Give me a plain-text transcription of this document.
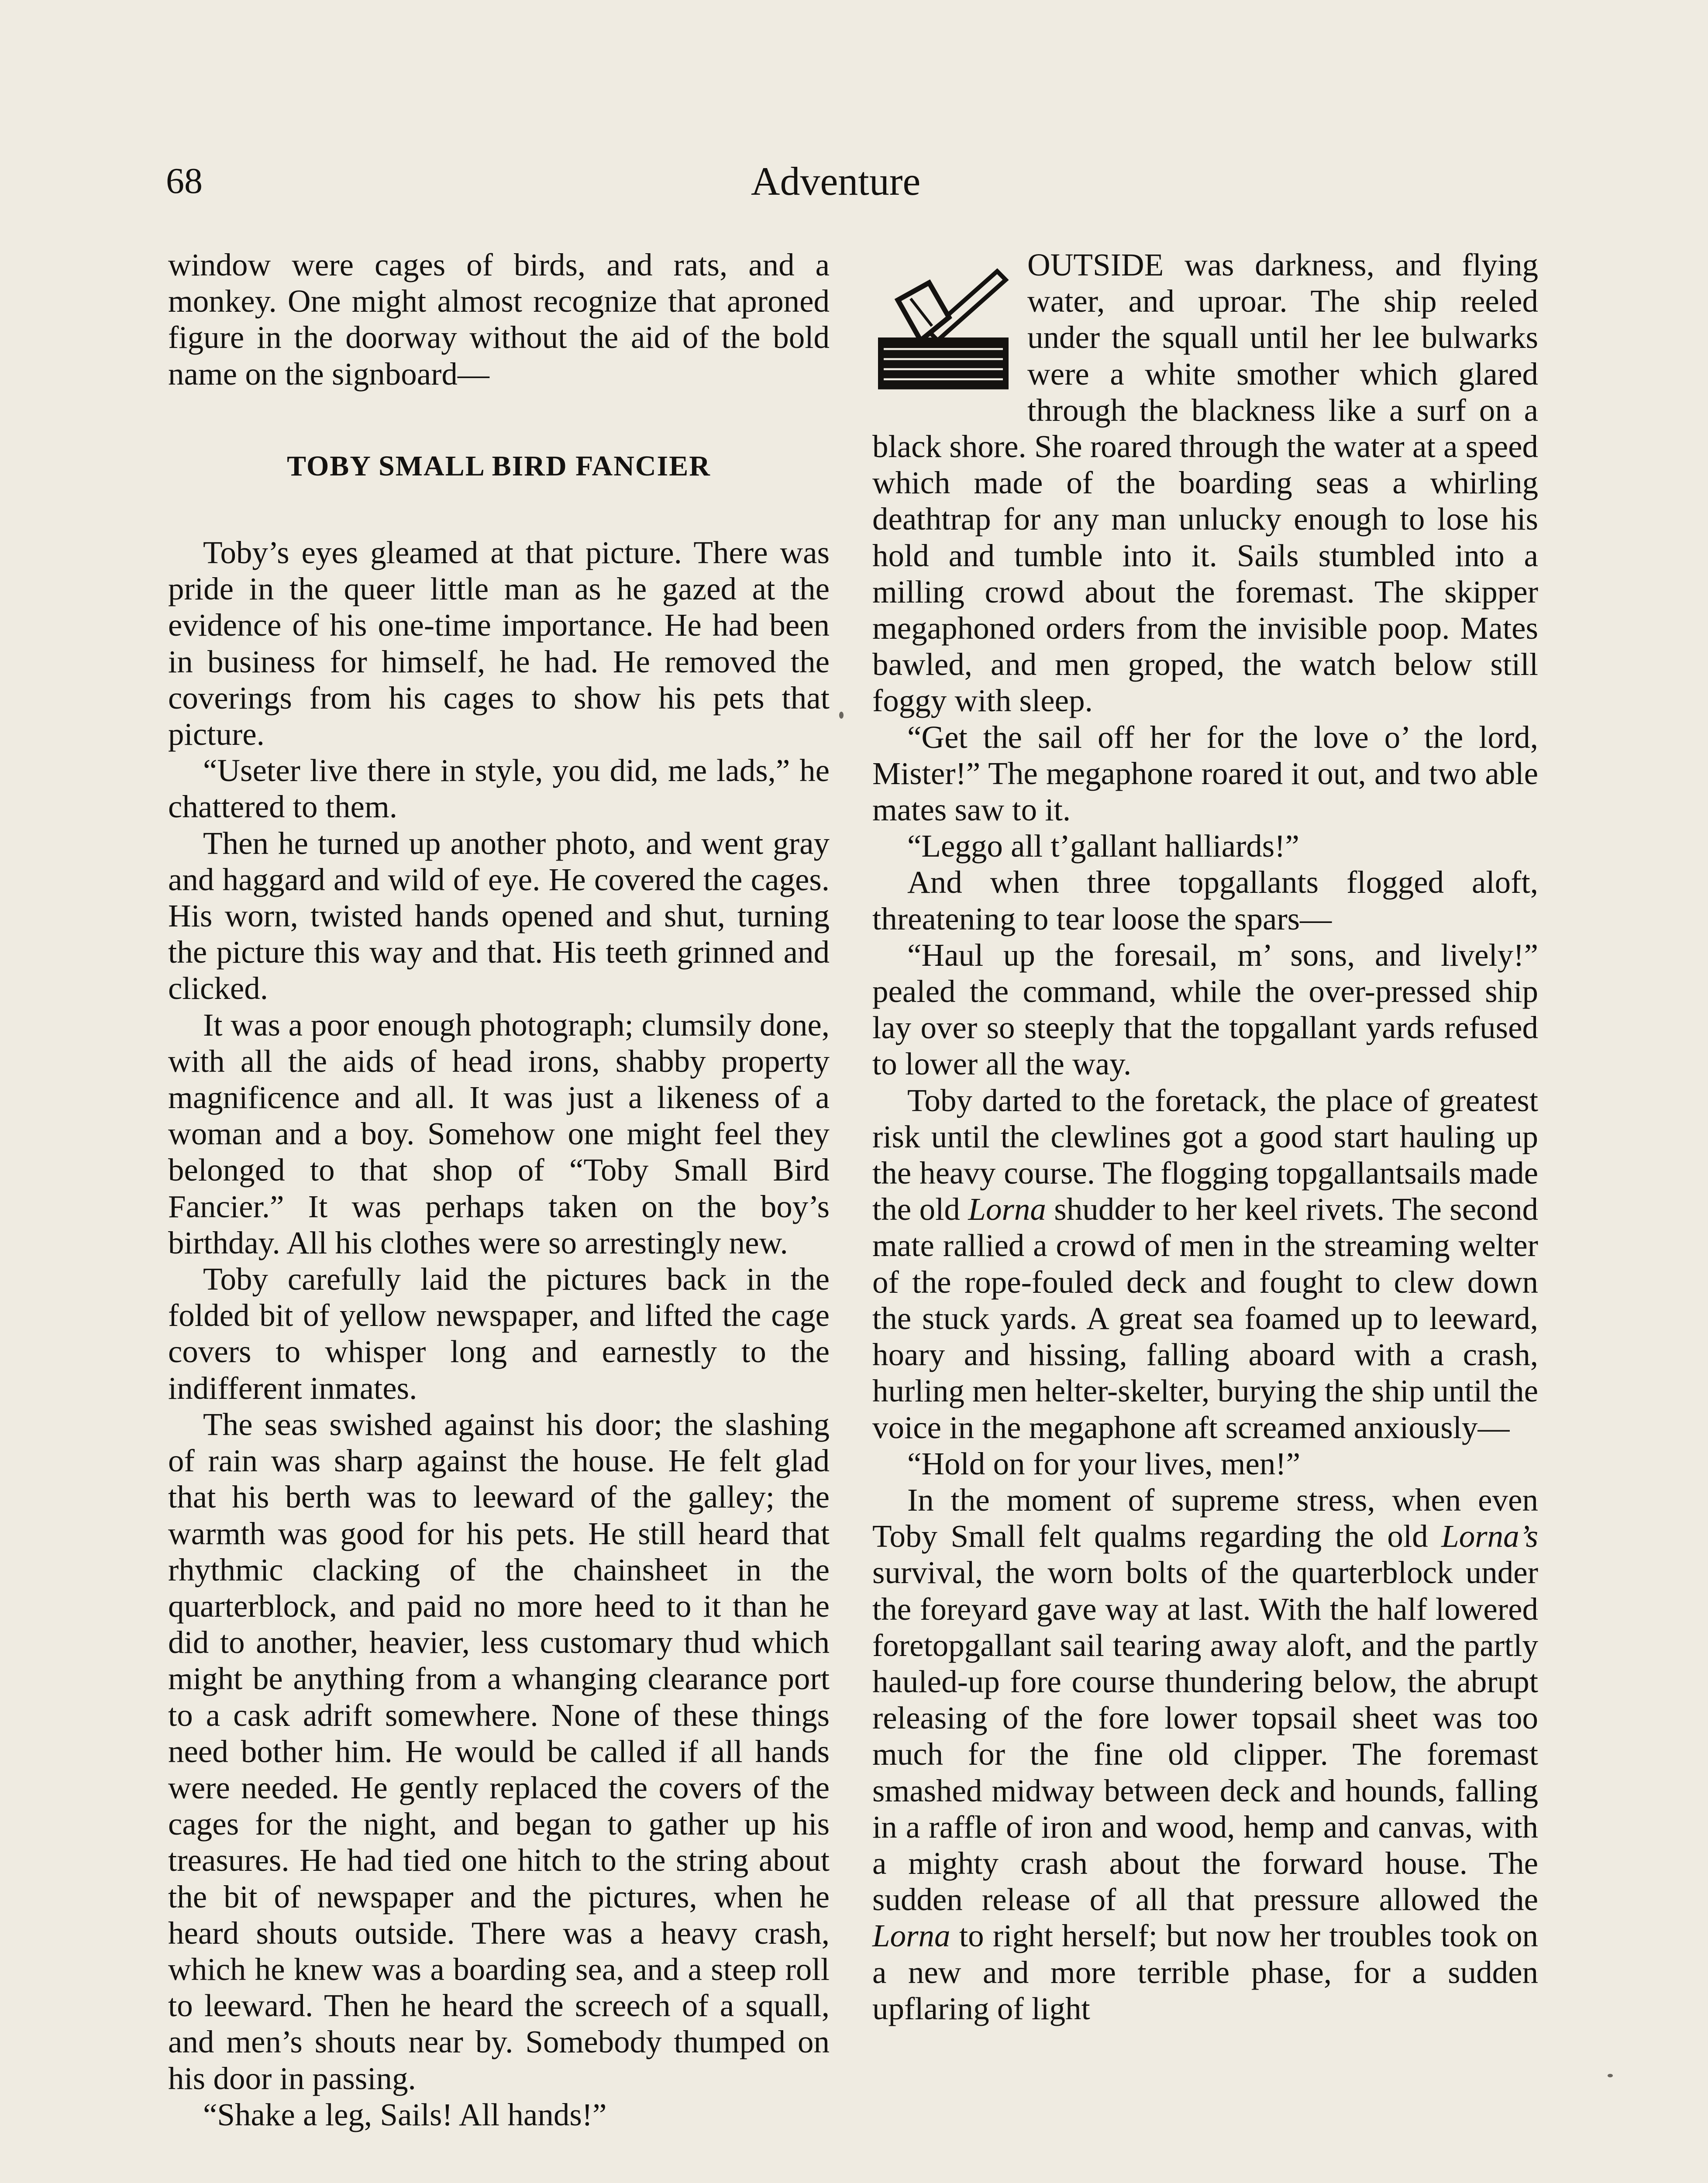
68	Adventure

window were cages of birds, and rats, and a monkey. One might almost recognize that aproned figure in the doorway without the aid of the bold name on the signboard—

TOBY SMALL BIRD FANCIER

Toby’s eyes gleamed at that picture. There was pride in the queer little man as he gazed at the evidence of his one-time importance. He had been in business for himself, he had. He removed the coverings from his cages to show his pets that picture.

“Useter live there in style, you did, me lads,” he chattered to them.

Then he turned up another photo, and went gray and haggard and wild of eye. He covered the cages. His worn, twisted hands opened and shut, turning the picture this way and that. His teeth grinned and clicked.

It was a poor enough photograph; clumsily done, with all the aids of head irons, shabby property magnificence and all. It was just a likeness of a woman and a boy. Somehow one might feel they belonged to that shop of “Toby Small Bird Fancier.” It was perhaps taken on the boy’s birthday. All his clothes were so arrestingly new.

Toby carefully laid the pictures back in the folded bit of yellow newspaper, and lifted the cage covers to whisper long and earnestly to the indifferent inmates.

The seas swished against his door; the slashing of rain was sharp against the house. He felt glad that his berth was to leeward of the galley; the warmth was good for his pets. He still heard that rhythmic clacking of the chainsheet in the quarterblock, and paid no more heed to it than he did to another, heavier, less customary thud which might be anything from a whanging clearance port to a cask adrift somewhere. None of these things need bother him. He would be called if all hands were needed. He gently replaced the covers of the cages for the night, and began to gather up his treasures. He had tied one hitch to the string about the bit of newspaper and the pictures, when he heard shouts outside. There was a heavy crash, which he knew was a boarding sea, and a steep roll to leeward. Then he heard the screech of a squall, and men’s shouts near by. Somebody thumped on his door in passing.

“Shake a leg, Sails! All hands!”

OUTSIDE was darkness, and flying water, and uproar. The ship reeled under the squall until her lee bulwarks were a white smother which glared through the blackness like a surf on a black shore. She roared through the water at a speed which made of the boarding seas a whirling deathtrap for any man unlucky enough to lose his hold and tumble into it. Sails stumbled into a milling crowd about the foremast. The skipper megaphoned orders from the invisible poop. Mates bawled, and men groped, the watch below still foggy with sleep.

“Get the sail off her for the love o’ the lord, Mister!” The megaphone roared it out, and two able mates saw to it.

“Leggo all t’gallant halliards!”

And when three topgallants flogged aloft, threatening to tear loose the spars—

“Haul up the foresail, m’ sons, and lively!” pealed the command, while the over-pressed ship lay over so steeply that the topgallant yards refused to lower all the way.

Toby darted to the foretack, the place of greatest risk until the clewlines got a good start hauling up the heavy course. The flogging topgallantsails made the old Lorna shudder to her keel rivets. The second mate rallied a crowd of men in the streaming welter of the rope-fouled deck and fought to clew down the stuck yards. A great sea foamed up to leeward, hoary and hissing, falling aboard with a crash, hurling men helter-skelter, burying the ship until the voice in the megaphone aft screamed anxiously—

“Hold on for your lives, men!”

In the moment of supreme stress, when even Toby Small felt qualms regarding the old Lorna’s survival, the worn bolts of the quarterblock under the foreyard gave way at last. With the half lowered foretopgallant sail tearing away aloft, and the partly hauled-up fore course thundering below, the abrupt releasing of the fore lower topsail sheet was too much for the fine old clipper. The foremast smashed midway between deck and hounds, falling in a raffle of iron and wood, hemp and canvas, with a mighty crash about the forward house. The sudden release of all that pressure allowed the Lorna to right herself; but now her troubles took on a new and more terrible phase, for a sudden upflaring of light
